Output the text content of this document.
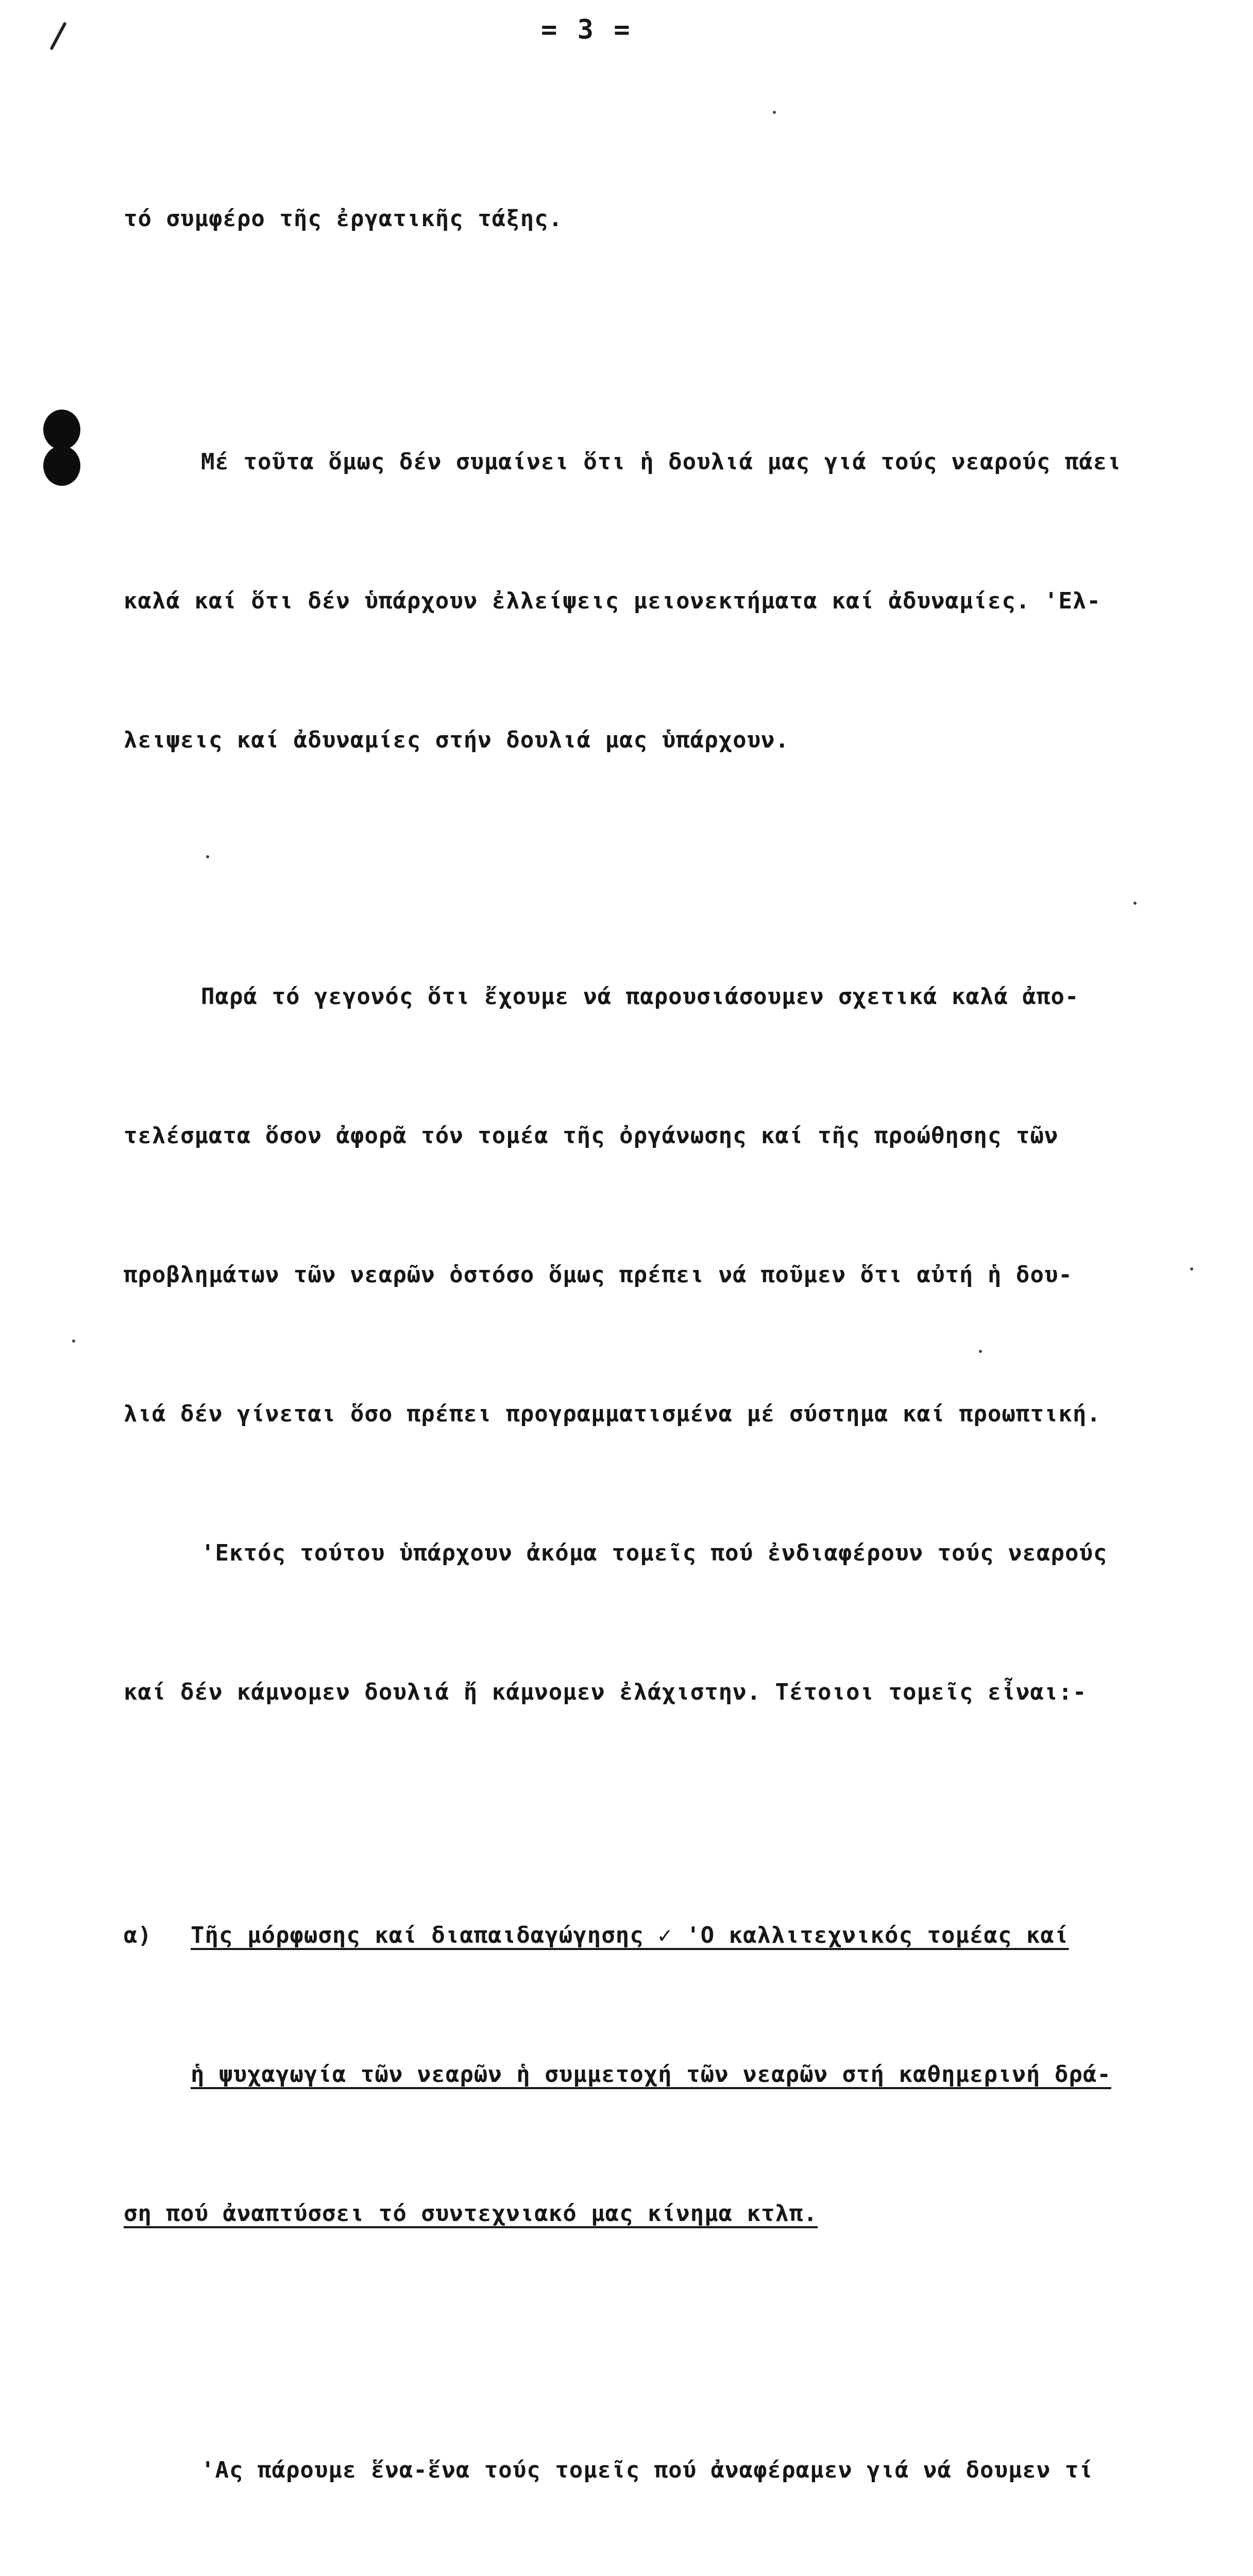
= 3 =

τό συμφέρο τῆς ἐργατικῆς τάξης.

Μέ τοῦτα ὅμως δέν συμαίνει ὅτι ἡ δουλιά μας γιά τούς νεαρούς πάει

καλά καί ὅτι δέν ὑπάρχουν ἐλλείψεις μειονεκτήματα καί ἀδυναμίες. 'Ελ-

λειψεις καί ἀδυναμίες στήν δουλιά μας ὑπάρχουν.

Παρά τό γεγονός ὅτι ἔχουμε νά παρουσιάσουμεν σχετικά καλά ἀπο-

τελέσματα ὅσον ἀφορᾶ τόν τομέα τῆς ὀργάνωσης καί τῆς προώθησης τῶν

προβλημάτων τῶν νεαρῶν ὁστόσο ὅμως πρέπει νά ποῦμεν ὅτι αὐτή ἡ δου-

λιά δέν γίνεται ὅσο πρέπει προγραμματισμένα μέ σύστημα καί προωπτική.

'Εκτός τούτου ὑπάρχουν ἀκόμα τομεῖς πού ἐνδιαφέρουν τούς νεαρούς

καί δέν κάμνομεν δουλιά ἤ κάμνομεν ἐλάχιστην. Τέτοιοι τομεῖς εἶναι:-

α) Τῆς μόρφωσης καί διαπαιδαγώγησης ✓ 'Ο καλλιτεχνικός τομέας καί

ἡ ψυχαγωγία τῶν νεαρῶν ἡ συμμετοχή τῶν νεαρῶν στή καθημερινή δρά-

ση πού ἀναπτύσσει τό συντεχνιακό μας κίνημα κτλπ.

'Ας πάρουμε ἕνα-ἕνα τούς τομεῖς πού ἀναφέραμεν γιά νά δουμεν τί
